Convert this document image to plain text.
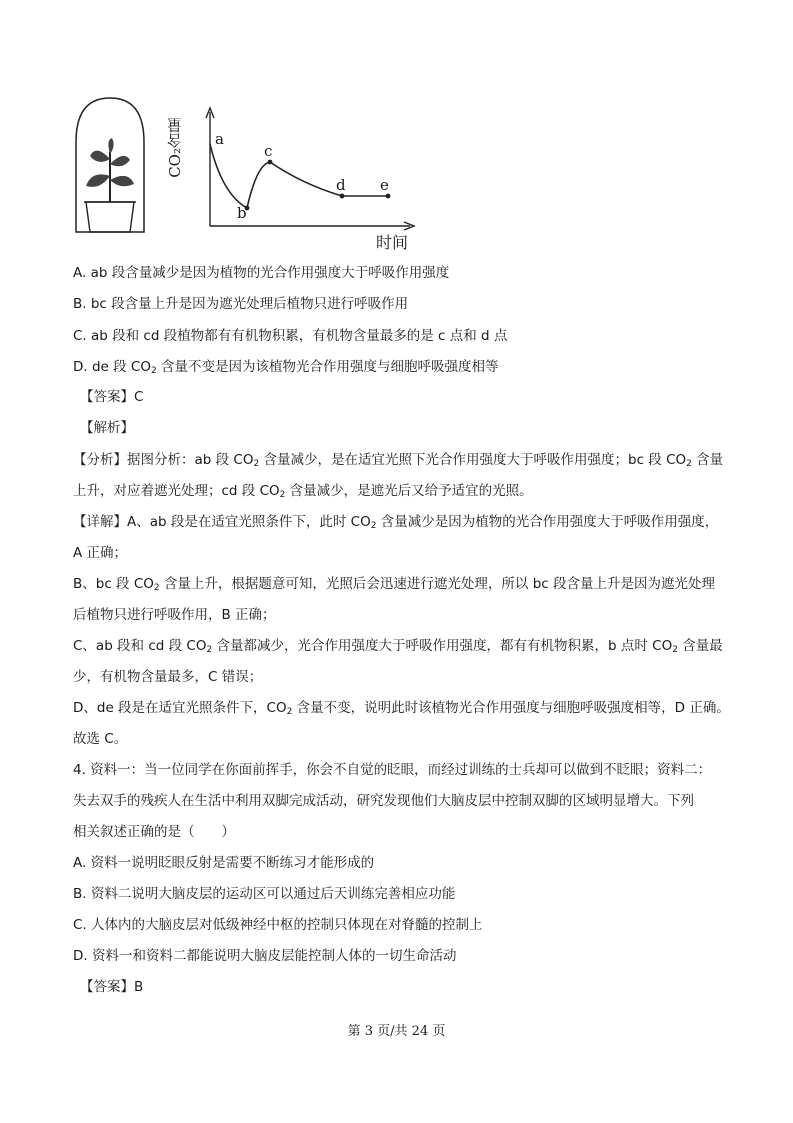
a
b
c
d e
CO₂含量
时间
A. ab 段含量减少是因为植物的光合作用强度大于呼吸作用强度
B. bc 段含量上升是因为遮光处理后植物只进行呼吸作用
C. ab 段和 cd 段植物都有有机物积累，有机物含量最多的是 c 点和 d 点
D. de 段 $CO_2$ 含量不变是因为该植物光合作用强度与细胞呼吸强度相等
【答案】C
【解析】
【分析】据图分析：ab 段 $CO_2$ 含量减少，是在适宜光照下光合作用强度大于呼吸作用强度；bc 段 $CO_2$ 含量
上升，对应着遮光处理；cd 段 $CO_2$ 含量减少，是遮光后又给予适宜的光照。
【详解】A、ab 段是在适宜光照条件下，此时 $CO_2$ 含量减少是因为植物的光合作用强度大于呼吸作用强度，
A 正确；
B、bc 段 $CO_2$ 含量上升，根据题意可知，光照后会迅速进行遮光处理，所以 bc 段含量上升是因为遮光处理
后植物只进行呼吸作用，B 正确；
C、ab 段和 cd 段 $CO_2$ 含量都减少，光合作用强度大于呼吸作用强度，都有有机物积累，b 点时 $CO_2$ 含量最
少，有机物含量最多，C 错误；
D、de 段是在适宜光照条件下，$CO_2$ 含量不变，说明此时该植物光合作用强度与细胞呼吸强度相等，D 正确。
故选 C。
4. 资料一：当一位同学在你面前挥手，你会不自觉的眨眼，而经过训练的士兵却可以做到不眨眼；资料二：
失去双手的残疾人在生活中利用双脚完成活动，研究发现他们大脑皮层中控制双脚的区域明显增大。下列
相关叙述正确的是（　　）
A. 资料一说明眨眼反射是需要不断练习才能形成的
B. 资料二说明大脑皮层的运动区可以通过后天训练完善相应功能
C. 人体内的大脑皮层对低级神经中枢的控制只体现在对脊髓的控制上
D. 资料一和资料二都能说明大脑皮层能控制人体的一切生命活动
【答案】B
第 3 页/共 24 页
